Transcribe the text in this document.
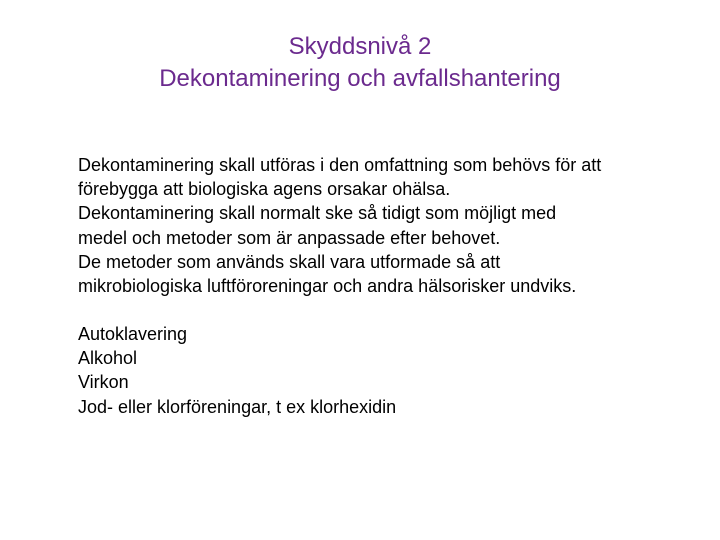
Skyddsnivå 2
Dekontaminering och avfallshantering
Dekontaminering skall utföras i den omfattning som behövs för att
förebygga att biologiska agens orsakar ohälsa.
Dekontaminering skall normalt ske så tidigt som möjligt med
medel och metoder som är anpassade efter behovet.
De metoder som används skall vara utformade så att
mikrobiologiska luftföroreningar och andra hälsorisker undviks.
Autoklavering
Alkohol
Virkon
Jod- eller klorföreningar, t ex klorhexidin
